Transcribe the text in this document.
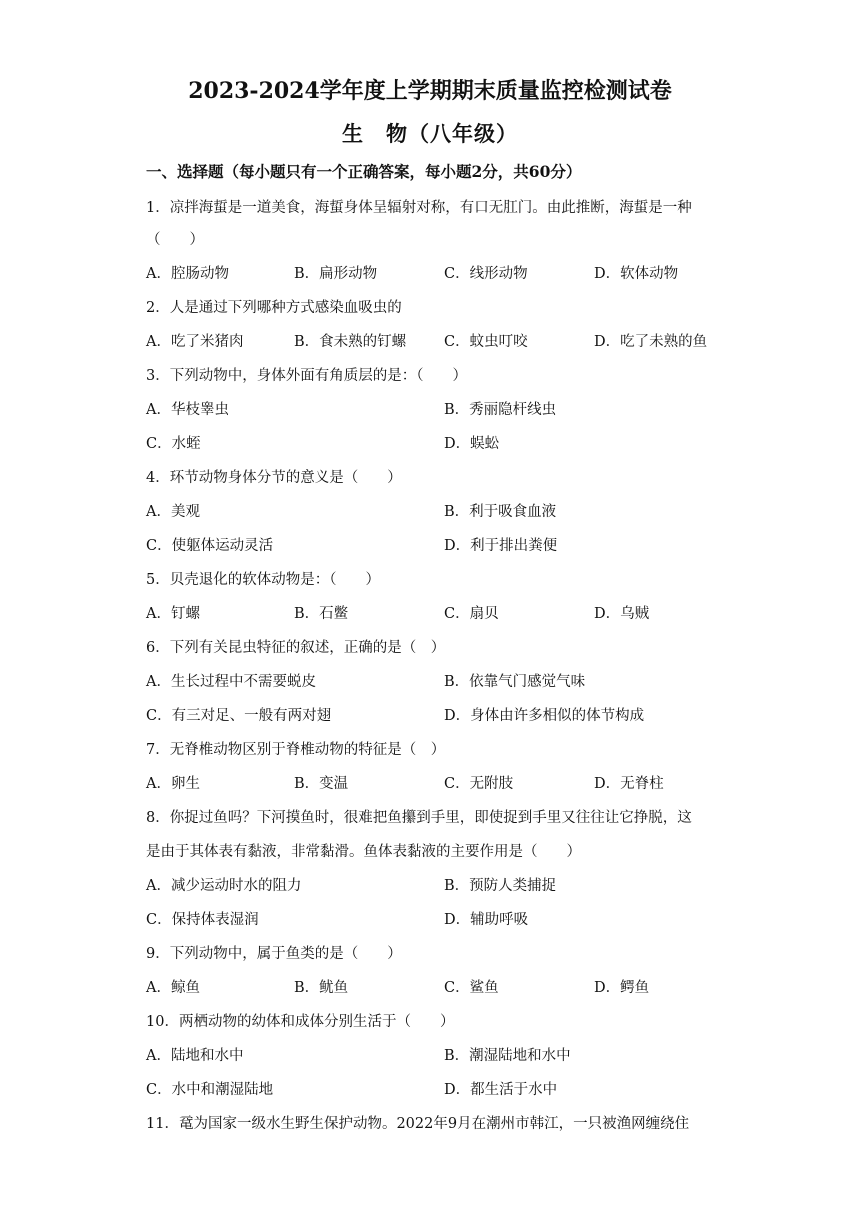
2023-2024学年度上学期期末质量监控检测试卷
生　物（八年级）
一、选择题（每小题只有一个正确答案，每小题2分，共60分）
1．凉拌海蜇是一道美食，海蜇身体呈辐射对称，有口无肛门。由此推断，海蜇是一种
（　　）
A．腔肠动物	B．扁形动物	C．线形动物	D．软体动物
2．人是通过下列哪种方式感染血吸虫的
A．吃了米猪肉	B．食未熟的钉螺	C．蚊虫叮咬	D．吃了未熟的鱼
3．下列动物中，身体外面有角质层的是：（　　）
A．华枝睾虫	B．秀丽隐杆线虫
C．水蛭	D．蜈蚣
4．环节动物身体分节的意义是（　　）
A．美观	B．利于吸食血液
C．使躯体运动灵活	D．利于排出粪便
5．贝壳退化的软体动物是：（　　）
A．钉螺	B．石鳖	C．扇贝	D．乌贼
6．下列有关昆虫特征的叙述，正确的是（　）
A．生长过程中不需要蜕皮	B．依靠气门感觉气味
C．有三对足、一般有两对翅	D．身体由许多相似的体节构成
7．无脊椎动物区别于脊椎动物的特征是（　）
A．卵生	B．变温	C．无附肢	D．无脊柱
8．你捉过鱼吗？下河摸鱼时，很难把鱼攥到手里，即使捉到手里又往往让它挣脱，这
是由于其体表有黏液，非常黏滑。鱼体表黏液的主要作用是（　　）
A．减少运动时水的阻力	B．预防人类捕捉
C．保持体表湿润	D．辅助呼吸
9．下列动物中，属于鱼类的是（　　）
A．鲸鱼	B．鱿鱼	C．鲨鱼	D．鳄鱼
10．两栖动物的幼体和成体分别生活于（　　）
A．陆地和水中	B．潮湿陆地和水中
C．水中和潮湿陆地	D．都生活于水中
11．鼋为国家一级水生野生保护动物。2022年9月在潮州市韩江，一只被渔网缠绕住
